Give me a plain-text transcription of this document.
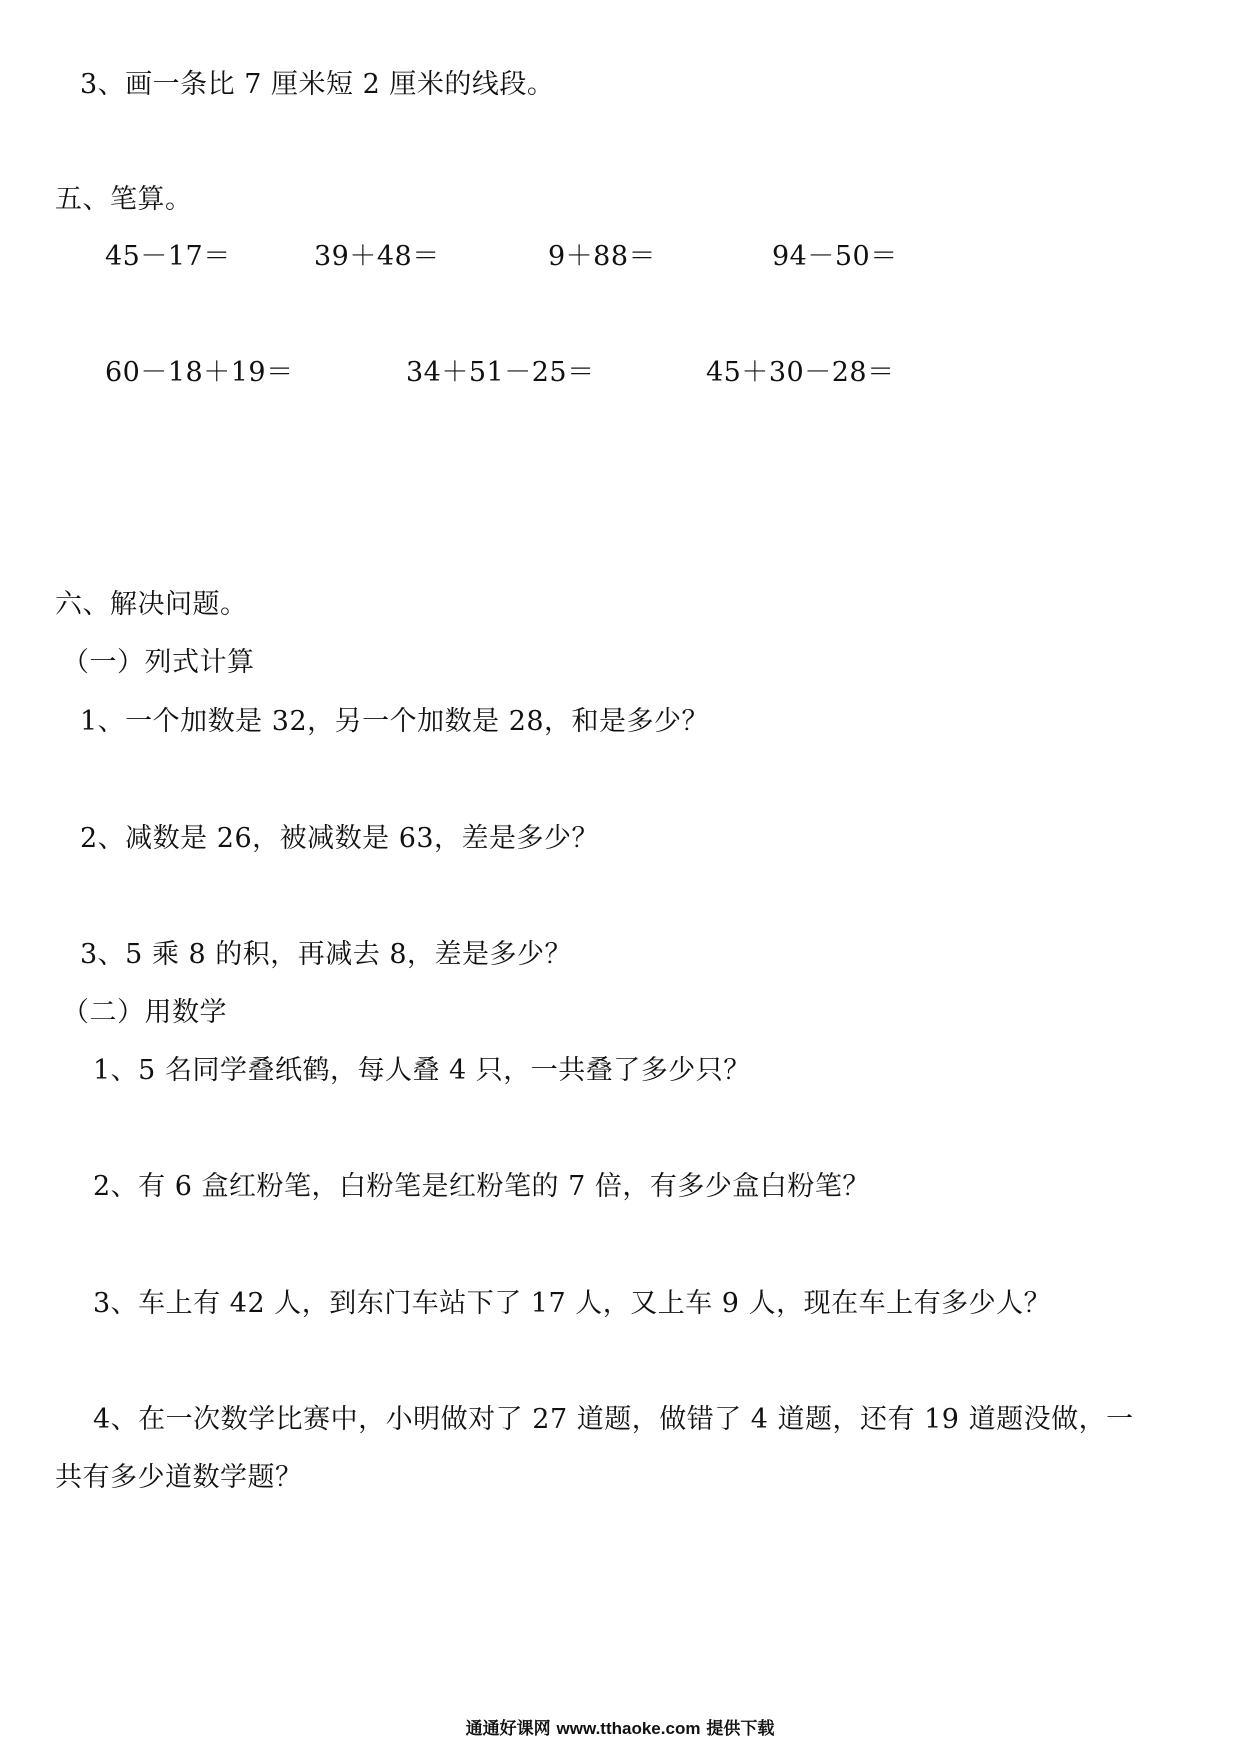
3、画一条比 7 厘米短 2 厘米的线段。
五、笔算。
45－17＝	39＋48＝	9＋88＝	94－50＝
60－18＋19＝	34＋51－25＝	45＋30－28＝
六、解决问题。
（一）列式计算
1、一个加数是 32，另一个加数是 28，和是多少？
2、减数是 26，被减数是 63，差是多少？
3、5 乘 8 的积，再减去 8，差是多少？
（二）用数学
1、5 名同学叠纸鹤，每人叠 4 只，一共叠了多少只？
2、有 6 盒红粉笔，白粉笔是红粉笔的 7 倍，有多少盒白粉笔？
3、车上有 42 人，到东门车站下了 17 人，又上车 9 人，现在车上有多少人？
4、在一次数学比赛中，小明做对了 27 道题，做错了 4 道题，还有 19 道题没做，一
共有多少道数学题？
通通好课网 www.tthaoke.com 提供下载
